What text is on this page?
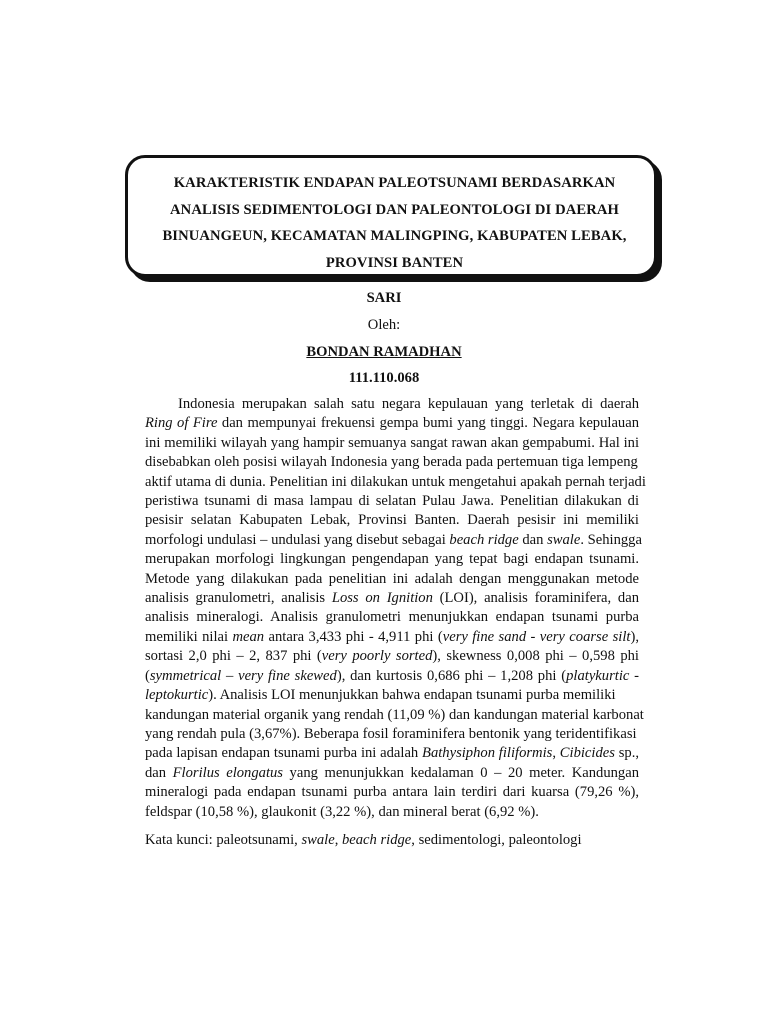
KARAKTERISTIK ENDAPAN PALEOTSUNAMI BERDASARKAN
ANALISIS SEDIMENTOLOGI DAN PALEONTOLOGI DI DAERAH
BINUANGEUN, KECAMATAN MALINGPING, KABUPATEN LEBAK,
PROVINSI BANTEN

SARI

Oleh:

BONDAN RAMADHAN

111.110.068

Indonesia merupakan salah satu negara kepulauan yang terletak di daerah
Ring of Fire dan mempunyai frekuensi gempa bumi yang tinggi. Negara kepulauan
ini memiliki wilayah yang hampir semuanya sangat rawan akan gempabumi. Hal ini
disebabkan oleh posisi wilayah Indonesia yang berada pada pertemuan tiga lempeng
aktif utama di dunia. Penelitian ini dilakukan untuk mengetahui apakah pernah terjadi
peristiwa tsunami di masa lampau di selatan Pulau Jawa. Penelitian dilakukan di
pesisir selatan Kabupaten Lebak, Provinsi Banten. Daerah pesisir ini memiliki
morfologi undulasi – undulasi yang disebut sebagai beach ridge dan swale. Sehingga
merupakan morfologi lingkungan pengendapan yang tepat bagi endapan tsunami.
Metode yang dilakukan pada penelitian ini adalah dengan menggunakan metode
analisis granulometri, analisis Loss on Ignition (LOI), analisis foraminifera, dan
analisis mineralogi. Analisis granulometri menunjukkan endapan tsunami purba
memiliki nilai mean antara 3,433 phi - 4,911 phi (very fine sand - very coarse silt),
sortasi 2,0 phi – 2, 837 phi (very poorly sorted), skewness 0,008 phi – 0,598 phi
(symmetrical – very fine skewed), dan kurtosis 0,686 phi – 1,208 phi (platykurtic -
leptokurtic). Analisis LOI menunjukkan bahwa endapan tsunami purba memiliki
kandungan material organik yang rendah (11,09 %) dan kandungan material karbonat
yang rendah pula (3,67%). Beberapa fosil foraminifera bentonik yang teridentifikasi
pada lapisan endapan tsunami purba ini adalah Bathysiphon filiformis, Cibicides sp.,
dan Florilus elongatus yang menunjukkan kedalaman 0 – 20 meter. Kandungan
mineralogi pada endapan tsunami purba antara lain terdiri dari kuarsa (79,26 %),
feldspar (10,58 %), glaukonit (3,22 %), dan mineral berat (6,92 %).

Kata kunci: paleotsunami, swale, beach ridge, sedimentologi, paleontologi
